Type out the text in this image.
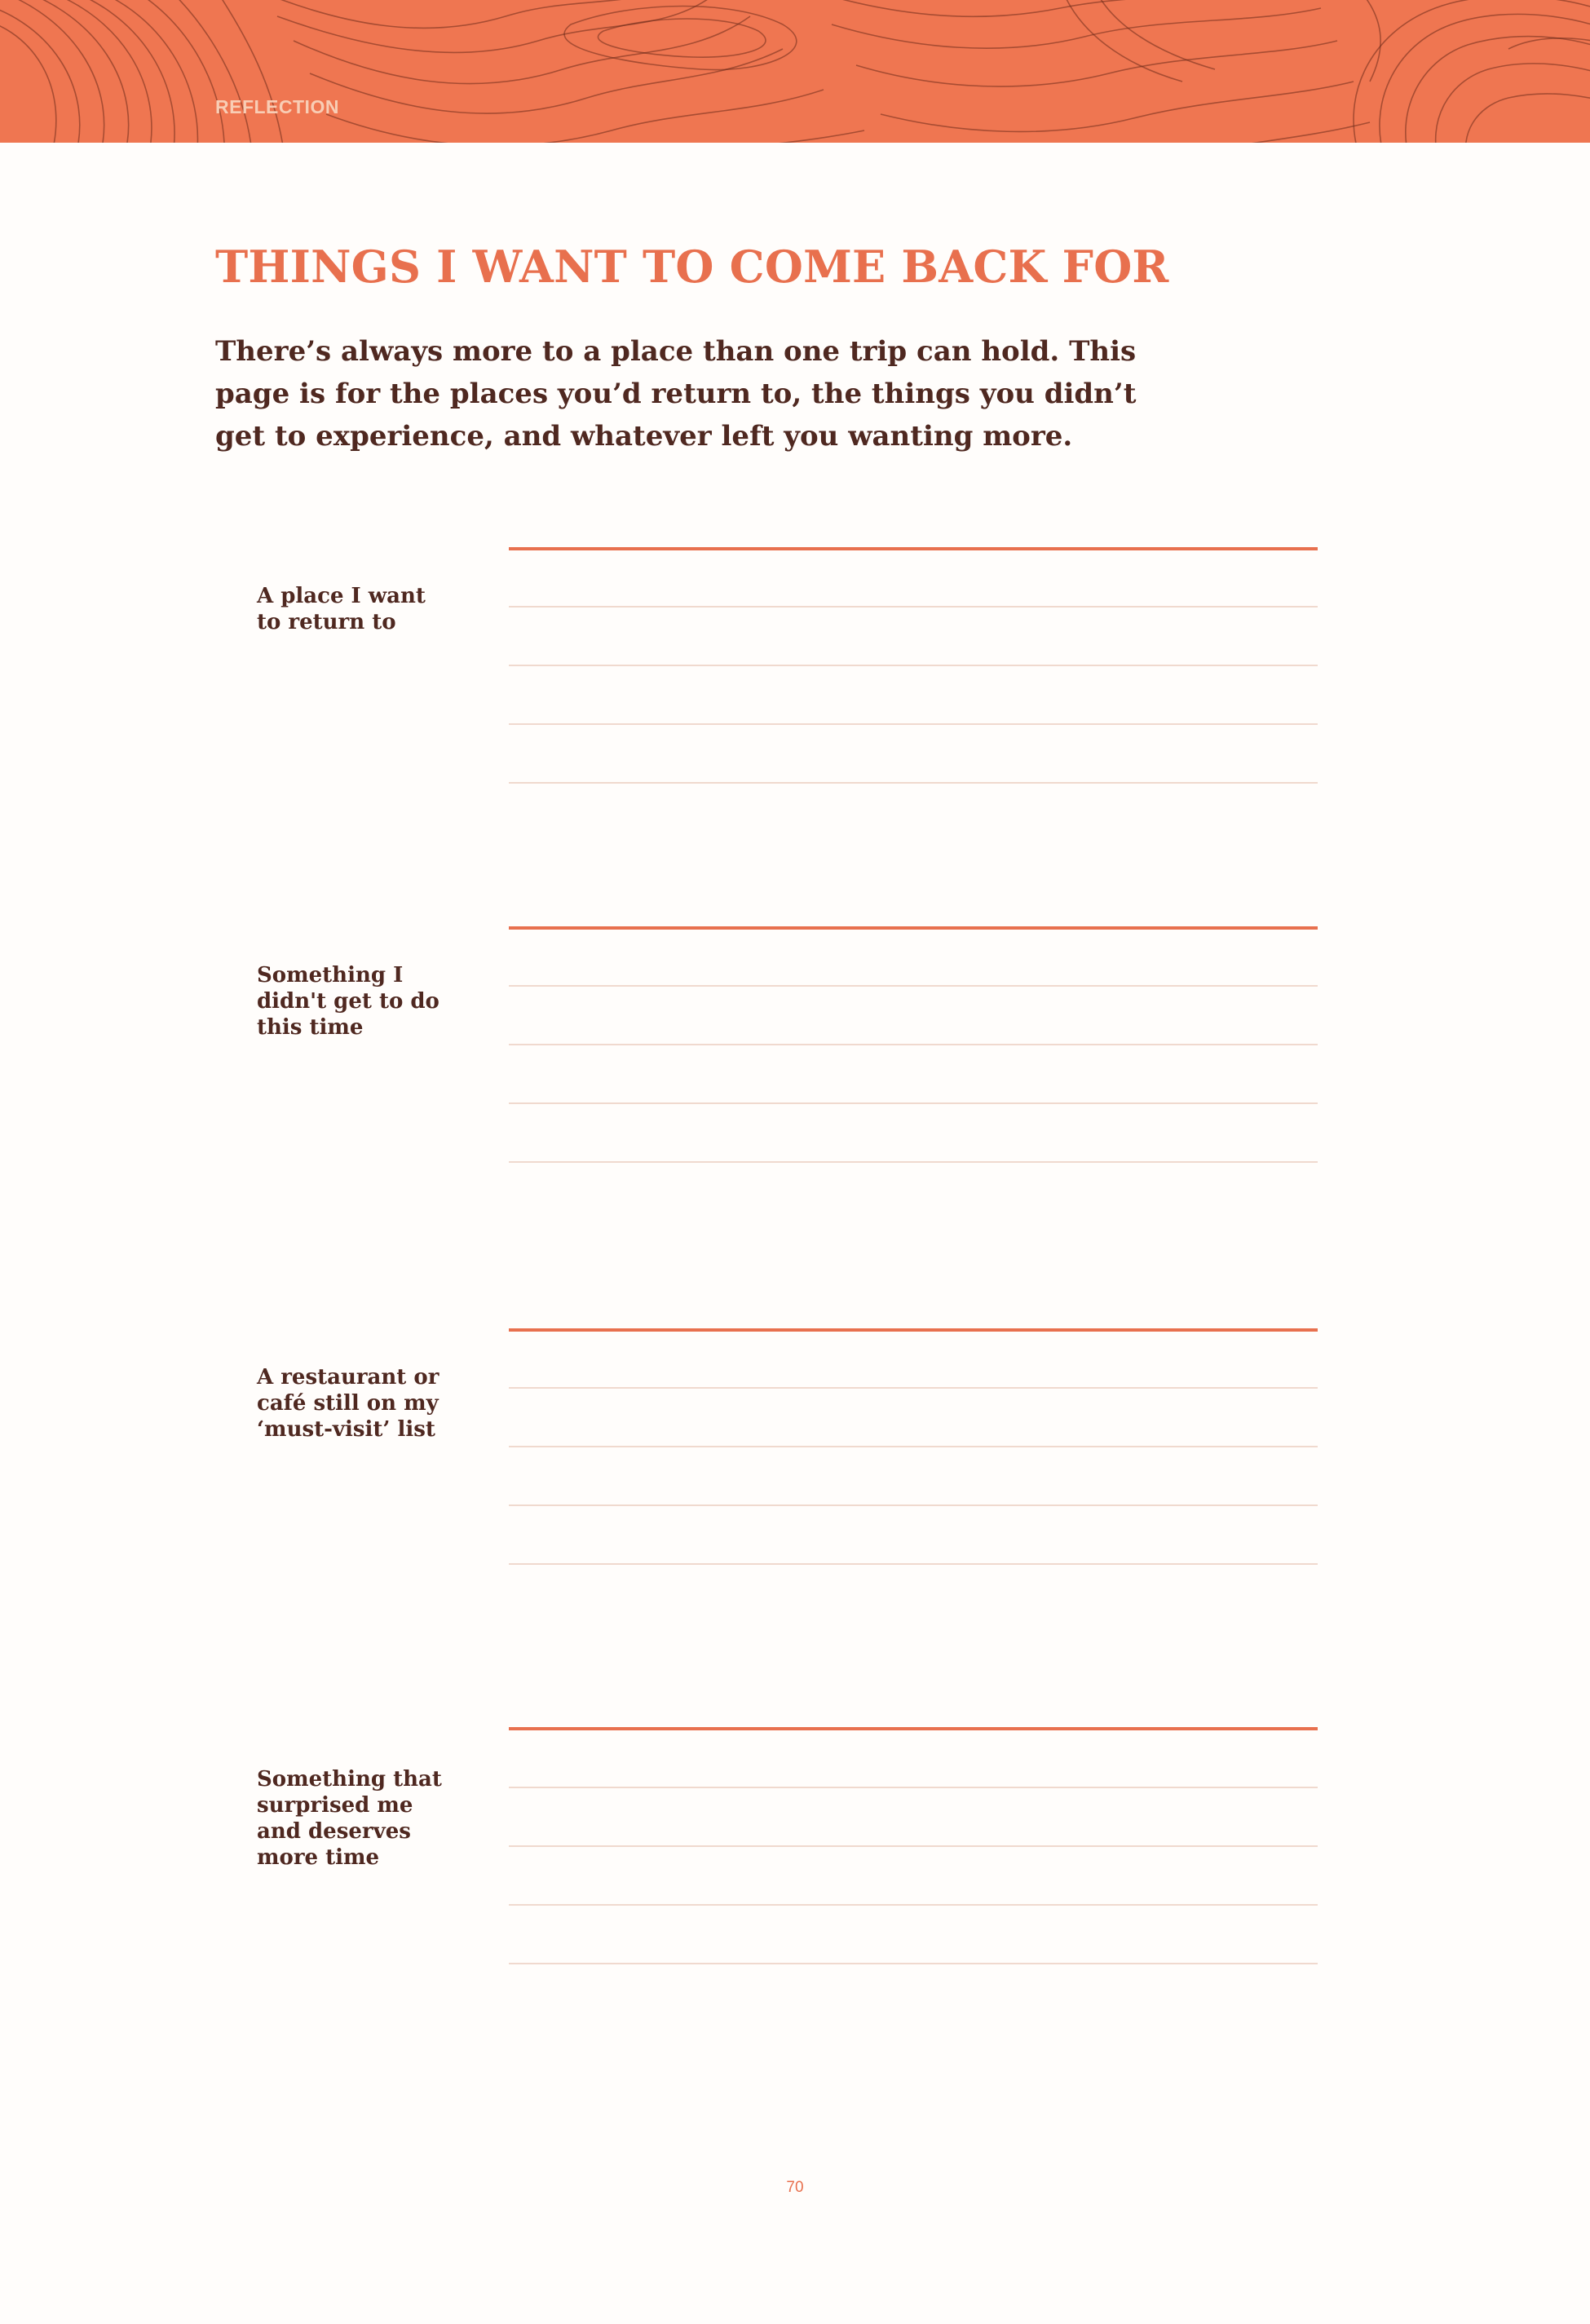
REFLECTION
THINGS I WANT TO COME BACK FOR

There’s always more to a place than one trip can hold. This page is for the places you’d return to, the things you didn’t get to experience, and whatever left you wanting more.

A place I want to return to
Something I didn't get to do this time
A restaurant or café still on my ‘must-visit’ list
Something that surprised me and deserves more time
70
